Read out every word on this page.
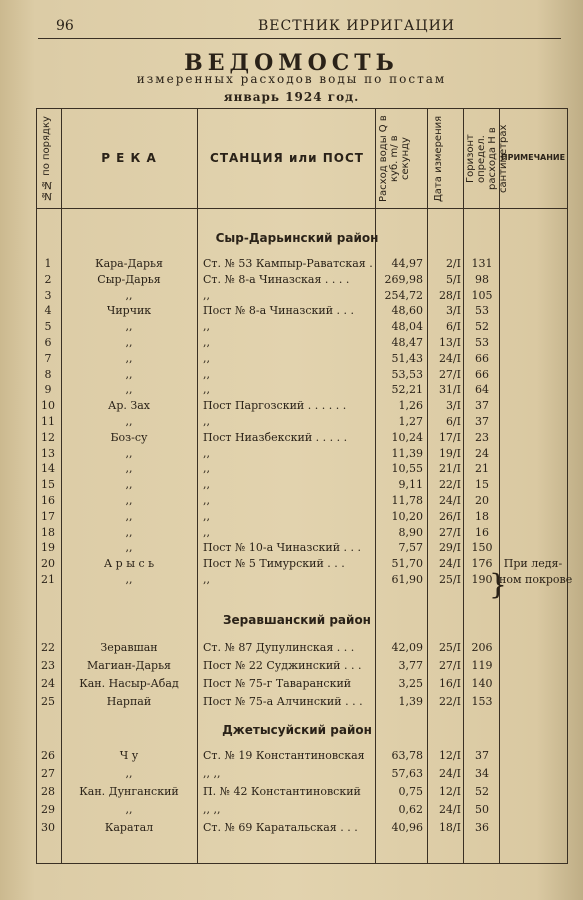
96	ВЕСТНИК ИРРИГАЦИИ
ВЕДОМОСТЬ
измеренных расходов воды по постам
январь 1924 год.
№№ по порядку	Р Е К А	СТАНЦИЯ или ПОСТ	Расход воды Q в куб. m/ в секунду	Дата измерения	Горизонт определ. расхода Н в сантиметрах
ПРИМЕЧАНИЕ
}
Сыр-Дарьинский район
1	Кара-Дарья	Ст. № 53 Кампыр-Раватская .	44,97	2/I 131
2	Сыр-Дарья	Ст. № 8-а Чиназская . . . .	269,98	5/I	98
3	,,	,,	254,72	28/I 105
4	Чирчик	Пост № 8-а Чиназский . . .	48,60	3/I	53
5	,,	,,	48,04	6/I	52
6	,,	,,	48,47	13/I	53
7	,,	,,	51,43	24/I	66
8	,,	,,	53,53	27/I	66
9	,,	,,	52,21	31/I	64
10	Ар. Зах	Пост Паргозский . . . . . .	1,26	3/I	37
11	,,	,,	1,27	6/I	37
12	Боз-су	Пост Ниазбекский . . . . .	10,24	17/I	23
13	,,	,,	11,39	19/I	24
14	,,	,,	10,55	21/I	21
15	,,	,,	9,11	22/I	15
16	,,	,,	11,78	24/I	20
17	,,	,,	10,20	26/I	18
18	,,	,,	8,90	27/I	16
19	,,	Пост № 10-а Чиназский . . .	7,57	29/I 150
20	А р ы с ь	Пост № 5 Тимурский . . .	51,70	24/I 176	При ледя-
21	,,	,,	61,90	25/I 190 ном покрове
Зеравшанский район
22	Зеравшан	Ст. № 87 Дупулинская . . .	42,09	25/I 206
23	Магиан-Дарья	Пост № 22 Суджинский . . .	3,77	27/I 119
24	Кан. Насыр-Абад	Пост № 75-г Таваранский	3,25	16/I 140
25	Нарпай	Пост № 75-а Алчинский . . .	1,39	22/I 153
Джетысуйский район
26	Ч у	Ст. № 19 Константиновская	63,78	12/I	37
27	,,	,, ,,	57,63	24/I	34
28	Кан. Дунганский	П. № 42 Константиновский	0,75	12/I	52
29	,,	,, ,,	0,62	24/I	50
30	Каратал	Ст. № 69 Каратальская . . .	40,96	18/I	36
